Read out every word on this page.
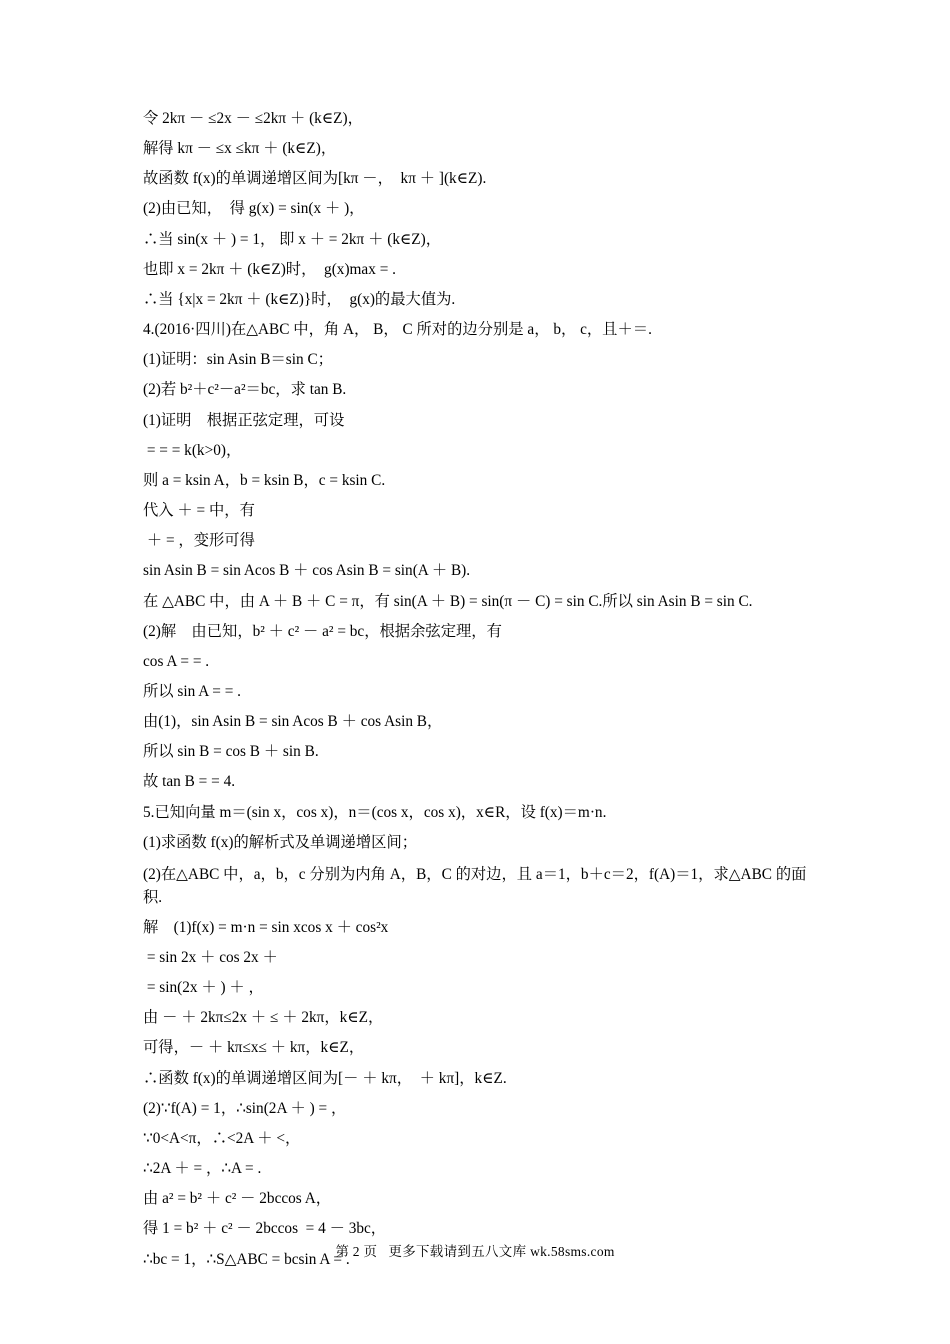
令 2kπ － ≤2x － ≤2kπ ＋ (k∈Z)，

解得 kπ － ≤x ≤kπ ＋ (k∈Z)，

故函数 f(x)的单调递增区间为[kπ －，  kπ ＋ ](k∈Z).

(2)由已知，  得 g(x) = sin(x ＋ )，

∴当 sin(x ＋ ) = 1， 即 x ＋ = 2kπ ＋ (k∈Z)，

也即 x = 2kπ ＋ (k∈Z)时，  g(x)max = .

∴当 {x|x = 2kπ ＋ (k∈Z)}时，  g(x)的最大值为.

4.(2016·四川)在△ABC 中，角 A， B， C 所对的边分别是 a， b， c，且＋＝.

(1)证明：sin Asin B＝sin C；

(2)若 b²＋c²－a²＝bc，求 tan B.

(1)证明　根据正弦定理，可设

= = = k(k>0)，

则 a = ksin A，b = ksin B，c = ksin C.

代入 ＋ = 中，有

＋ = ，变形可得

sin Asin B = sin Acos B ＋ cos Asin B = sin(A ＋ B).

在 △ABC 中，由 A ＋ B ＋ C = π，有 sin(A ＋ B) = sin(π － C) = sin C.所以 sin Asin B = sin C.

(2)解　由已知，b² ＋ c² － a² = bc，根据余弦定理，有

cos A = = .

所以 sin A = = .

由(1)，sin Asin B = sin Acos B ＋ cos Asin B，

所以 sin B = cos B ＋ sin B.

故 tan B = = 4.

5.已知向量 m＝(sin x，cos x)，n＝(cos x，cos x)，x∈R，设 f(x)＝m·n.

(1)求函数 f(x)的解析式及单调递增区间；

(2)在△ABC 中，a，b，c 分别为内角 A，B，C 的对边，且 a＝1，b＋c＝2，f(A)＝1，求△ABC 的面积.

解　(1)f(x) = m·n = sin xcos x ＋ cos²x

= sin 2x ＋ cos 2x ＋

= sin(2x ＋ ) ＋ ，

由 － ＋ 2kπ≤2x ＋ ≤ ＋ 2kπ，k∈Z，

可得，－ ＋ kπ≤x≤ ＋ kπ，k∈Z，

∴函数 f(x)的单调递增区间为[－ ＋ kπ，  ＋ kπ]，k∈Z.

(2)∵f(A) = 1，∴sin(2A ＋ ) = ，

∵0<A<π，∴<2A ＋ <，

∴2A ＋ = ，∴A = .

由 a² = b² ＋ c² － 2bccos A，

得 1 = b² ＋ c² － 2bccos  = 4 － 3bc，

∴bc = 1，∴S△ABC = bcsin A = .

第 2 页 更多下载请到五八文库 wk.58sms.com
